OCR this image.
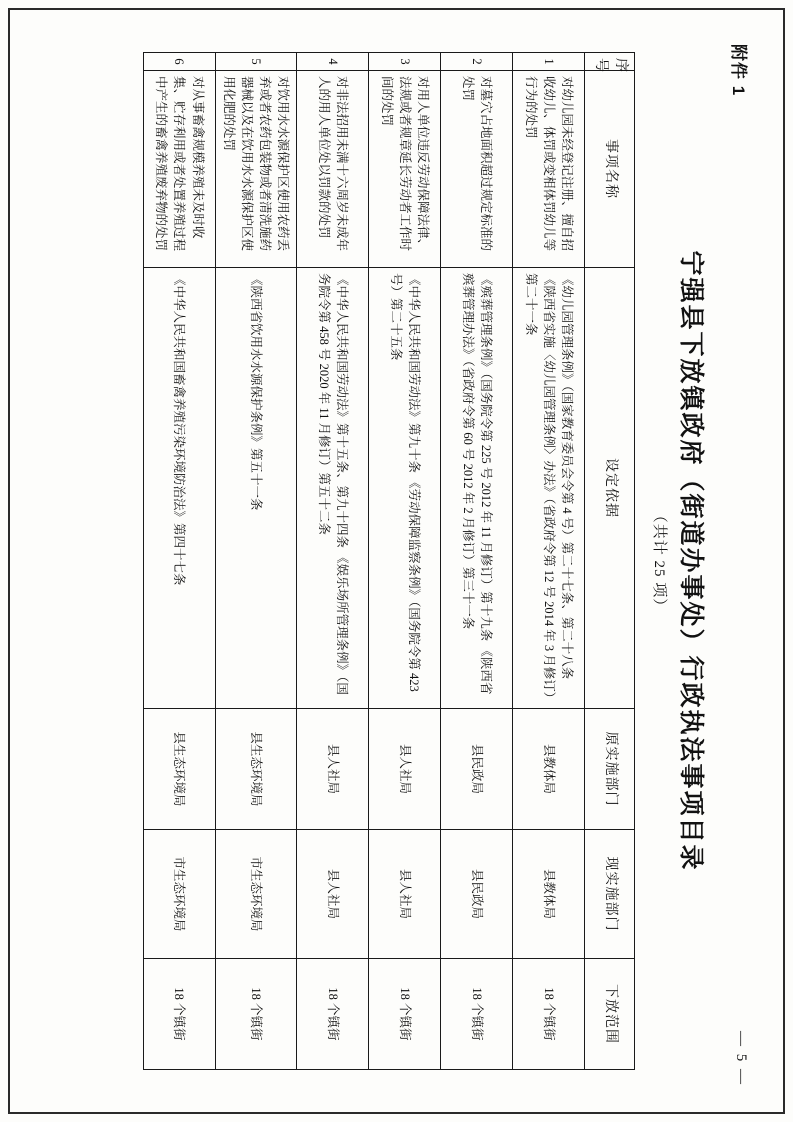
附件 1
— 5 —
宁强县下放镇政府（街道办事处）行政执法事项目录
（共计 25 项）
序号	事项名称	设定依据	原实施部门	现实施部门	下放范围
1	对幼儿园未经登记注册、擅自招收幼儿、体罚或变相体罚幼儿等行为的处罚	《幼儿园管理条例》（国家教育委员会令第 4 号）第二十七条、第二十八条 《陕西省实施〈幼儿园管理条例〉办法》（省政府令第 12 号 2014 年 3 月修订）第二十一条	县教体局	县教体局	18 个镇街
2	对墓穴占地面积超过规定标准的处罚	《殡葬管理条例》（国务院令第 225 号 2012 年 11 月修订）第十九条 《陕西省殡葬管理办法》（省政府令第 60 号 2012 年 2 月修订）第三十一条	县民政局	县民政局	18 个镇街
3	对用人单位违反劳动保障法律、法规或者规章延长劳动者工作时间的处罚	《中华人民共和国劳动法》第九十条 《劳动保障监察条例》（国务院令第 423 号）第二十五条	县人社局	县人社局	18 个镇街
4	对非法招用未满十六周岁未成年人的用人单位处以罚款的处罚	《中华人民共和国劳动法》第十五条、第九十四条 《娱乐场所管理条例》（国务院令第 458 号 2020 年 11 月修订）第五十二条	县人社局	县人社局	18 个镇街
5	对饮用水水源保护区使用农药丢弃或者农药包装物或者清洗施药器械以及在饮用水水源保护区使用化肥的处罚	《陕西省饮用水水源保护条例》第五十一条	县生态环境局	市生态环境局	18 个镇街
6	对从事畜禽规模养殖未及时收集、贮存利用或者处置养殖过程中产生的畜禽养殖废弃物的处罚	《中华人民共和国畜禽养殖污染环境防治法》第四十七条	县生态环境局	市生态环境局	18 个镇街
